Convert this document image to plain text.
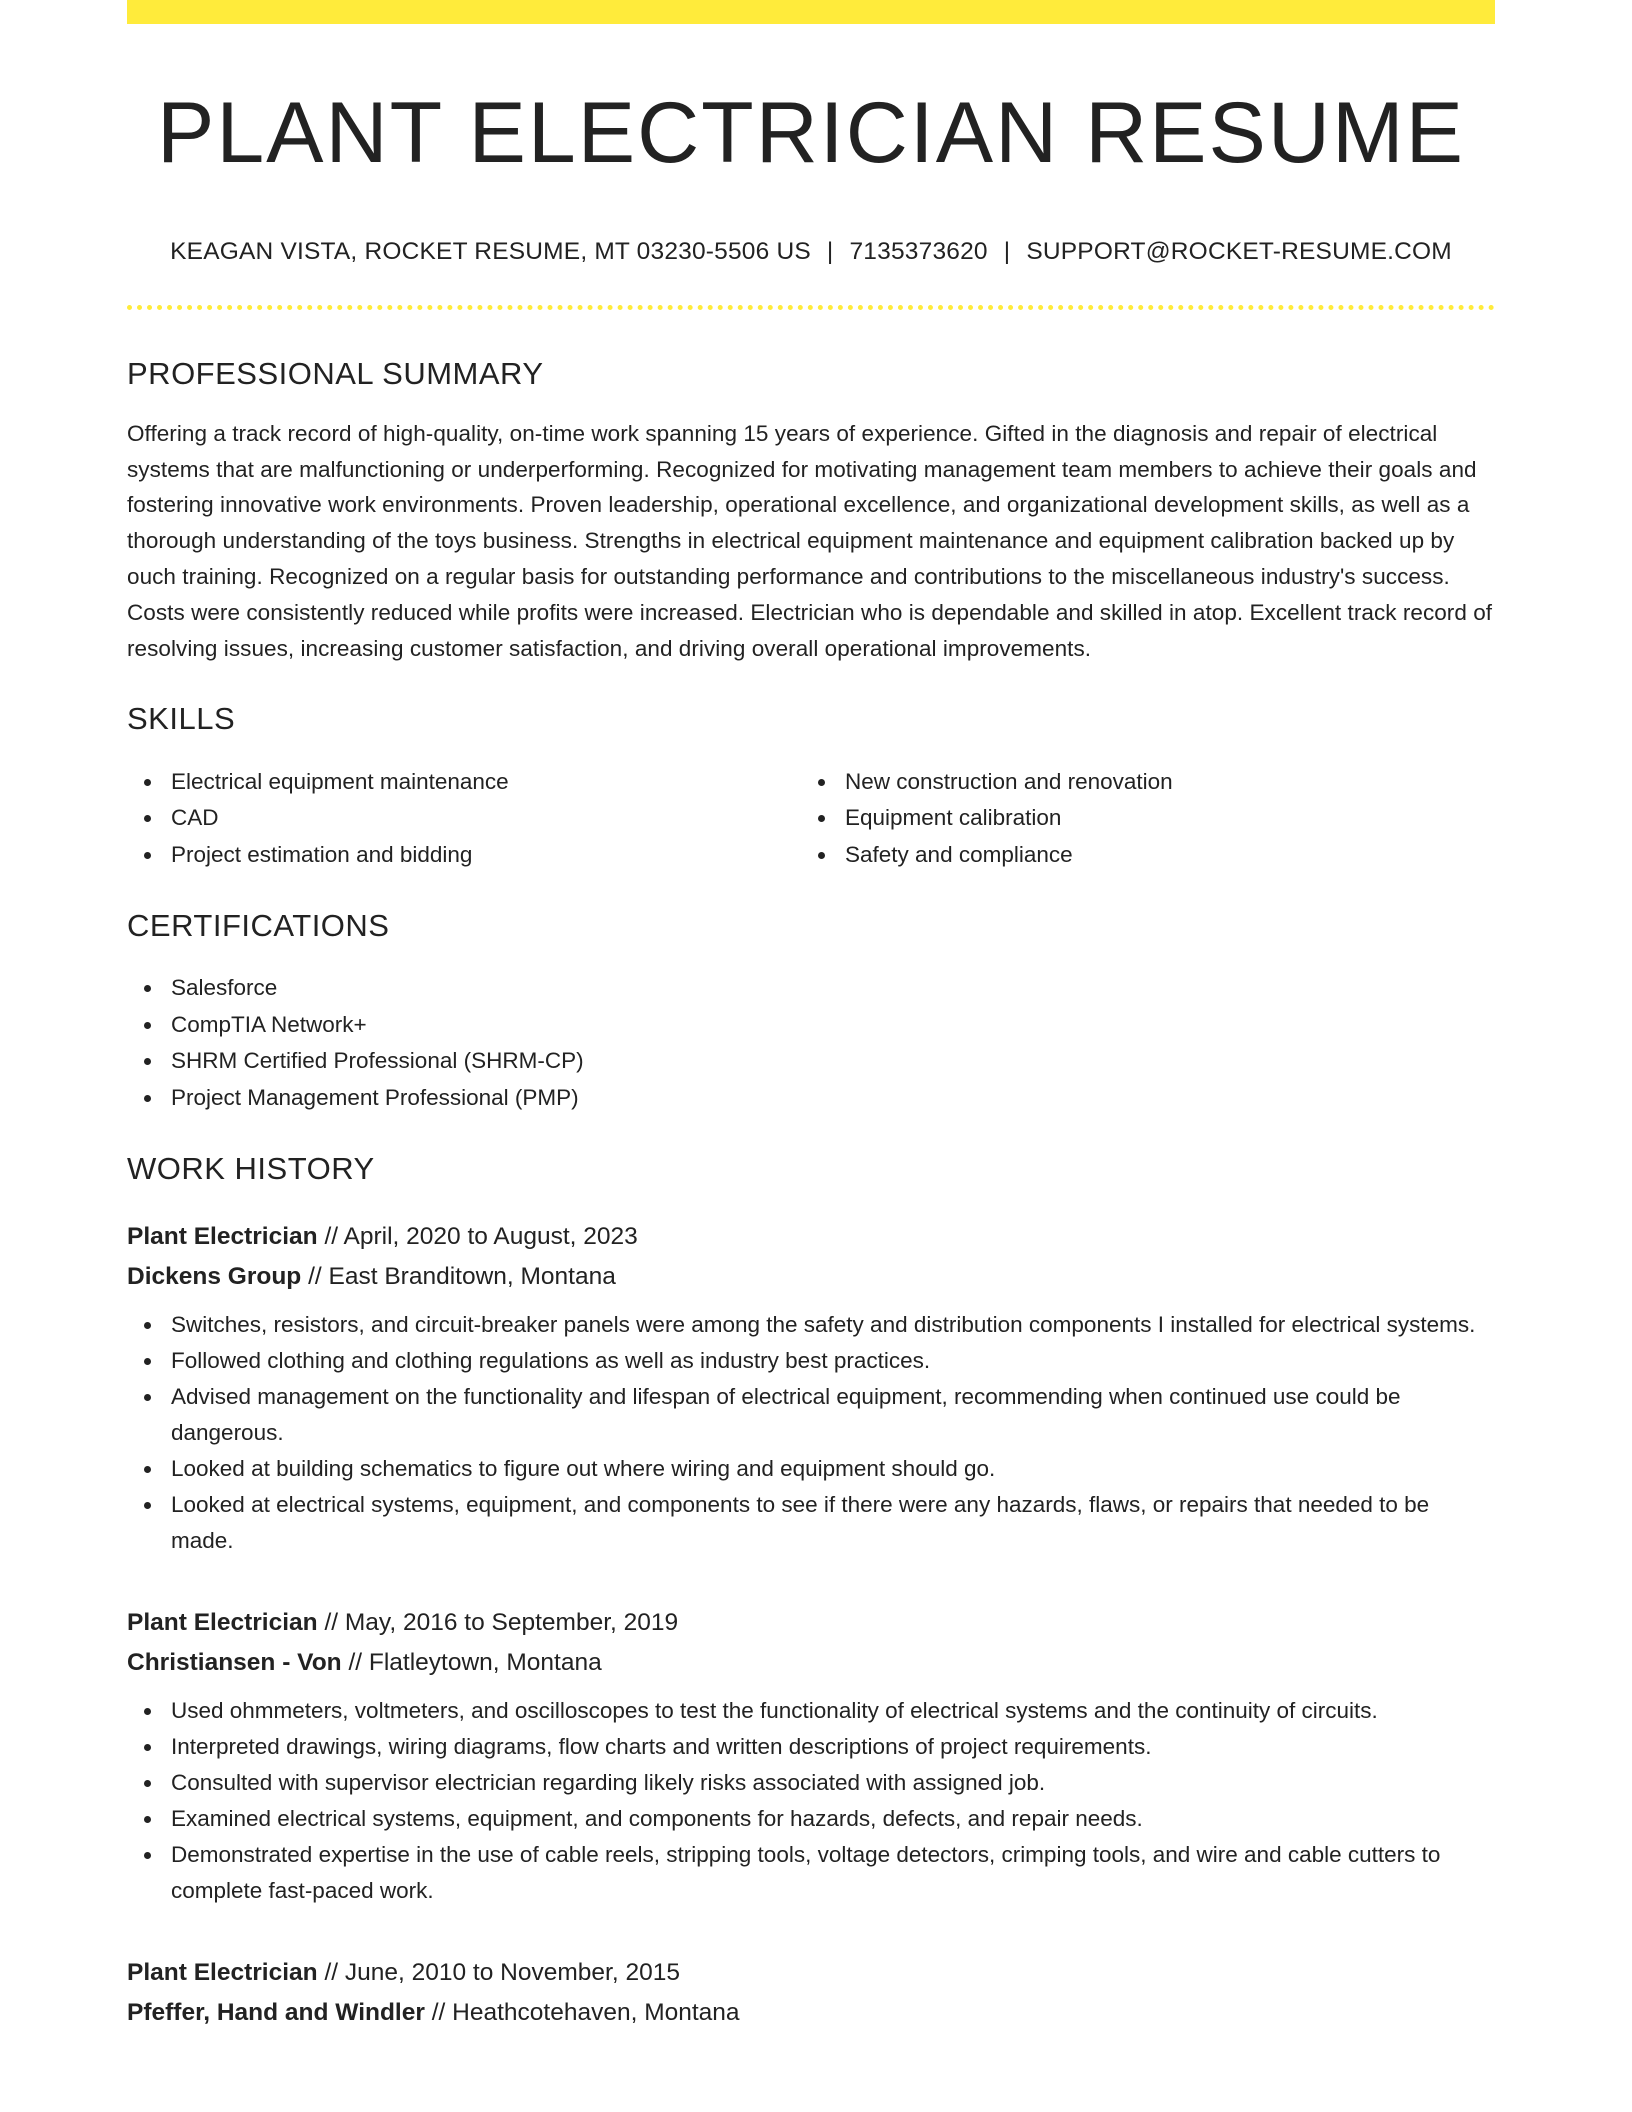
PLANT ELECTRICIAN RESUME
KEAGAN VISTA, ROCKET RESUME, MT 03230-5506 US | 7135373620 | SUPPORT@ROCKET-RESUME.COM
PROFESSIONAL SUMMARY

Offering a track record of high-quality, on-time work spanning 15 years of experience. Gifted in the diagnosis and repair of electrical systems that are malfunctioning or underperforming. Recognized for motivating management team members to achieve their goals and fostering innovative work environments. Proven leadership, operational excellence, and organizational development skills, as well as a thorough understanding of the toys business. Strengths in electrical equipment maintenance and equipment calibration backed up by ouch training. Recognized on a regular basis for outstanding performance and contributions to the miscellaneous industry's success. Costs were consistently reduced while profits were increased. Electrician who is dependable and skilled in atop. Excellent track record of resolving issues, increasing customer satisfaction, and driving overall operational improvements.

SKILLS
Electrical equipment maintenance
CAD
Project estimation and bidding
New construction and renovation
Equipment calibration
Safety and compliance
CERTIFICATIONS
Salesforce
CompTIA Network+
SHRM Certified Professional (SHRM-CP)
Project Management Professional (PMP)
WORK HISTORY
Plant Electrician // April, 2020 to August, 2023
Dickens Group // East Branditown, Montana
Switches, resistors, and circuit-breaker panels were among the safety and distribution components I installed for electrical systems.
Followed clothing and clothing regulations as well as industry best practices.
Advised management on the functionality and lifespan of electrical equipment, recommending when continued use could be dangerous.
Looked at building schematics to figure out where wiring and equipment should go.
Looked at electrical systems, equipment, and components to see if there were any hazards, flaws, or repairs that needed to be made.
Plant Electrician // May, 2016 to September, 2019
Christiansen - Von // Flatleytown, Montana
Used ohmmeters, voltmeters, and oscilloscopes to test the functionality of electrical systems and the continuity of circuits.
Interpreted drawings, wiring diagrams, flow charts and written descriptions of project requirements.
Consulted with supervisor electrician regarding likely risks associated with assigned job.
Examined electrical systems, equipment, and components for hazards, defects, and repair needs.
Demonstrated expertise in the use of cable reels, stripping tools, voltage detectors, crimping tools, and wire and cable cutters to complete fast-paced work.
Plant Electrician // June, 2010 to November, 2015
Pfeffer, Hand and Windler // Heathcotehaven, Montana
